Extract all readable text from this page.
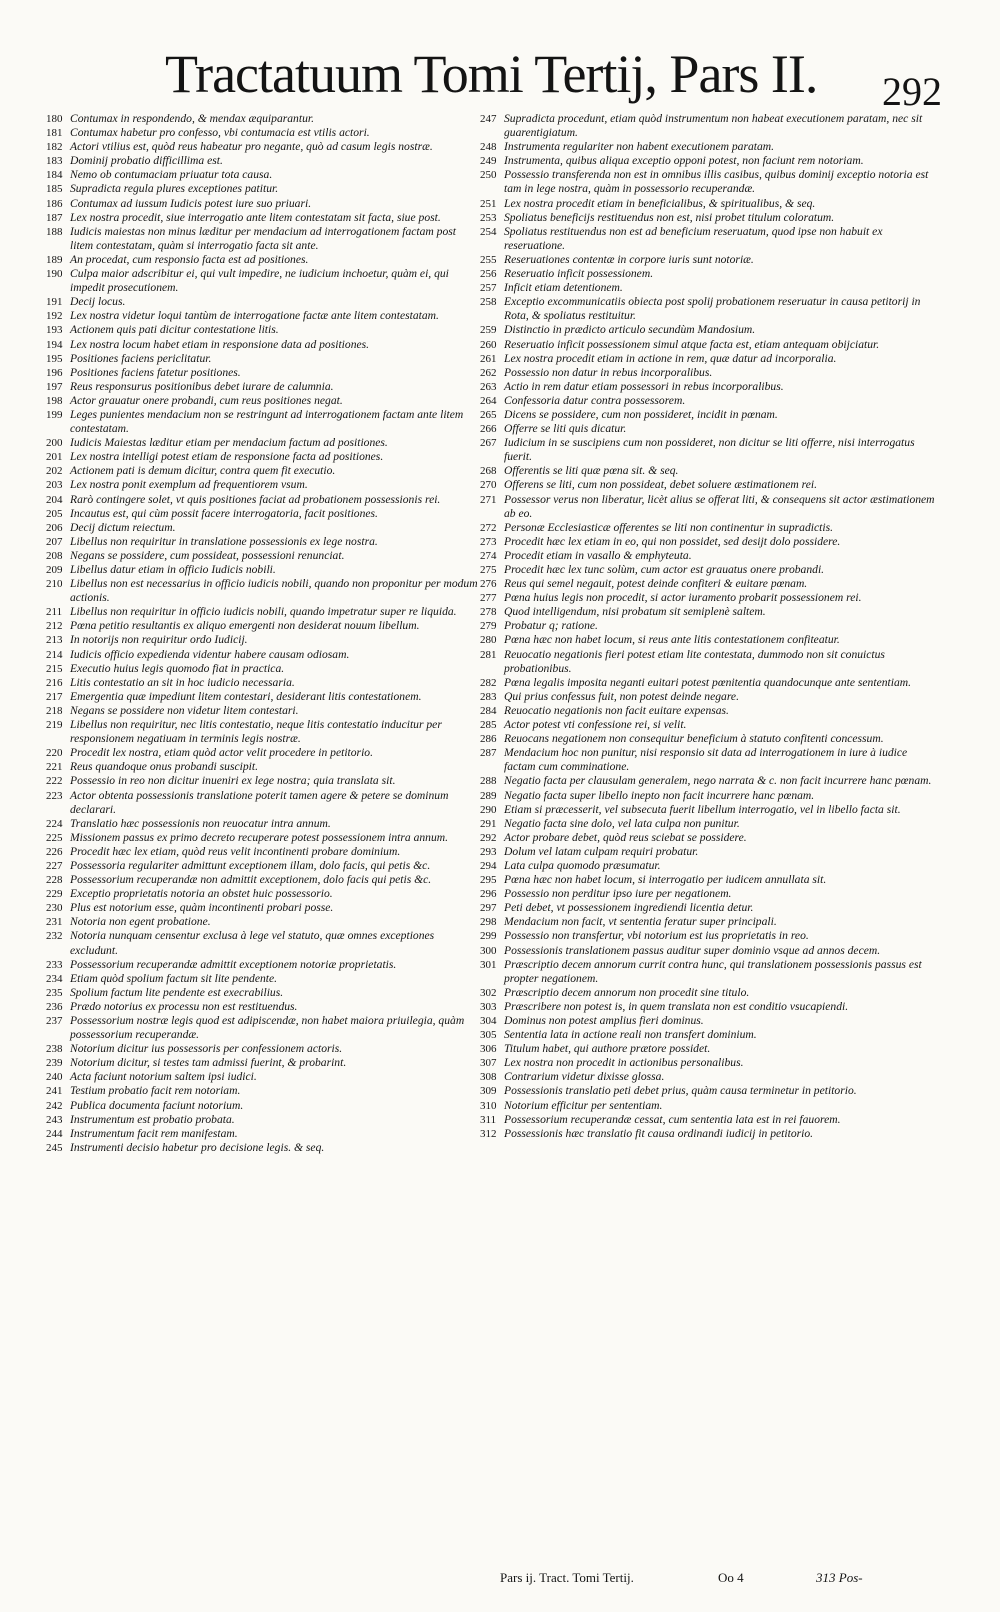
Tractatuum Tomi Tertij, Pars II. 292

180 Contumax in respondendo, & mendax æquiparantur.

181 Contumax habetur pro confesso, vbi contumacia est vtilis actori.

182 Actori vtilius est, quòd reus habeatur pro negante, quò ad casum legis nostræ.

183 Dominij probatio difficillima est.

184 Nemo ob contumaciam priuatur tota causa.

185 Supradicta regula plures exceptiones patitur.

186 Contumax ad iussum Iudicis potest iure suo priuari.

187 Lex nostra procedit, siue interrogatio ante litem contestatam sit facta, siue post.

188 Iudicis maiestas non minus læditur per mendacium ad interrogationem factam post litem contestatam, quàm si interrogatio facta sit ante.

189 An procedat, cum responsio facta est ad positiones.

190 Culpa maior adscribitur ei, qui vult impedire, ne iudicium inchoetur, quàm ei, qui impedit prosecutionem.

191 Decij locus.

192 Lex nostra videtur loqui tantùm de interrogatione factæ ante litem contestatam.

193 Actionem quis pati dicitur contestatione litis.

194 Lex nostra locum habet etiam in responsione data ad positiones.

195 Positiones faciens periclitatur.

196 Positiones faciens fatetur positiones.

197 Reus responsurus positionibus debet iurare de calumnia.

198 Actor grauatur onere probandi, cum reus positiones negat.

199 Leges punientes mendacium non se restringunt ad interrogationem factam ante litem contestatam.

200 Iudicis Maiestas læditur etiam per mendacium factum ad positiones.

201 Lex nostra intelligi potest etiam de responsione facta ad positiones.

202 Actionem pati is demum dicitur, contra quem fit executio.

203 Lex nostra ponit exemplum ad frequentiorem vsum.

204 Rarò contingere solet, vt quis positiones faciat ad probationem possessionis rei.

205 Incautus est, qui cùm possit facere interrogatoria, facit positiones.

206 Decij dictum reiectum.

207 Libellus non requiritur in translatione possessionis ex lege nostra.

208 Negans se possidere, cum possideat, possessioni renunciat.

209 Libellus datur etiam in officio Iudicis nobili.

210 Libellus non est necessarius in officio iudicis nobili, quando non proponitur per modum actionis.

211 Libellus non requiritur in officio iudicis nobili, quando impetratur super re liquida.

212 Pœna petitio resultantis ex aliquo emergenti non desiderat nouum libellum.

213 In notorijs non requiritur ordo Iudicij.

214 Iudicis officio expedienda videntur habere causam odiosam.

215 Executio huius legis quomodo fiat in practica.

216 Litis contestatio an sit in hoc iudicio necessaria.

217 Emergentia quæ impediunt litem contestari, desiderant litis contestationem.

218 Negans se possidere non videtur litem contestari.

219 Libellus non requiritur, nec litis contestatio, neque litis contestatio inducitur per responsionem negatiuam in terminis legis nostræ.

220 Procedit lex nostra, etiam quòd actor velit procedere in petitorio.

221 Reus quandoque onus probandi suscipit.

222 Possessio in reo non dicitur inueniri ex lege nostra; quia translata sit.

223 Actor obtenta possessionis translatione poterit tamen agere & petere se dominum declarari.

224 Translatio hæc possessionis non reuocatur intra annum.

225 Missionem passus ex primo decreto recuperare potest possessionem intra annum.

226 Procedit hæc lex etiam, quòd reus velit incontinenti probare dominium.

227 Possessoria regulariter admittunt exceptionem illam, dolo facis, qui petis &c.

228 Possessorium recuperandæ non admittit exceptionem, dolo facis qui petis &c.

229 Exceptio proprietatis notoria an obstet huic possessorio.

230 Plus est notorium esse, quàm incontinenti probari posse.

231 Notoria non egent probatione.

232 Notoria nunquam censentur exclusa à lege vel statuto, quæ omnes exceptiones excludunt.

233 Possessorium recuperandæ admittit exceptionem notoriæ proprietatis.

234 Etiam quòd spolium factum sit lite pendente.

235 Spolium factum lite pendente est execrabilius.

236 Prædo notorius ex processu non est restituendus.

237 Possessorium nostræ legis quod est adipiscendæ, non habet maiora priuilegia, quàm possessorium recuperandæ.

238 Notorium dicitur ius possessoris per confessionem actoris.

239 Notorium dicitur, si testes tam admissi fuerint, & probarint.

240 Acta faciunt notorium saltem ipsi iudici.

241 Testium probatio facit rem notoriam.

242 Publica documenta faciunt notorium.

243 Instrumentum est probatio probata.

244 Instrumentum facit rem manifestam.

245 Instrumenti decisio habetur pro decisione legis. & seq.

247 Supradicta procedunt, etiam quòd instrumentum non habeat executionem paratam, nec sit guarentigiatum.

248 Instrumenta regulariter non habent executionem paratam.

249 Instrumenta, quibus aliqua exceptio opponi potest, non faciunt rem notoriam.

250 Possessio transferenda non est in omnibus illis casibus, quibus dominij exceptio notoria est tam in lege nostra, quàm in possessorio recuperandæ.

251 Lex nostra procedit etiam in beneficialibus, & spiritualibus, & seq.

253 Spoliatus beneficijs restituendus non est, nisi probet titulum coloratum.

254 Spoliatus restituendus non est ad beneficium reseruatum, quod ipse non habuit ex reseruatione.

255 Reseruationes contentæ in corpore iuris sunt notoriæ.

256 Reseruatio inficit possessionem.

257 Inficit etiam detentionem.

258 Exceptio excommunicatiis obiecta post spolij probationem reseruatur in causa petitorij in Rota, & spoliatus restituitur.

259 Distinctio in prædicto articulo secundùm Mandosium.

260 Reseruatio inficit possessionem simul atque facta est, etiam antequam obijciatur.

261 Lex nostra procedit etiam in actione in rem, quæ datur ad incorporalia.

262 Possessio non datur in rebus incorporalibus.

263 Actio in rem datur etiam possessori in rebus incorporalibus.

264 Confessoria datur contra possessorem.

265 Dicens se possidere, cum non possideret, incidit in pœnam.

266 Offerre se liti quis dicatur.

267 Iudicium in se suscipiens cum non possideret, non dicitur se liti offerre, nisi interrogatus fuerit.

268 Offerentis se liti quæ pœna sit. & seq.

270 Offerens se liti, cum non possideat, debet soluere æstimationem rei.

271 Possessor verus non liberatur, licèt alius se offerat liti, & consequens sit actor æstimationem ab eo.

272 Personæ Ecclesiasticæ offerentes se liti non continentur in supradictis.

273 Procedit hæc lex etiam in eo, qui non possidet, sed desijt dolo possidere.

274 Procedit etiam in vasallo & emphyteuta.

275 Procedit hæc lex tunc solùm, cum actor est grauatus onere probandi.

276 Reus qui semel negauit, potest deinde confiteri & euitare pœnam.

277 Pœna huius legis non procedit, si actor iuramento probarit possessionem rei.

278 Quod intelligendum, nisi probatum sit semiplenè saltem.

279 Probatur q; ratione.

280 Pœna hæc non habet locum, si reus ante litis contestationem confiteatur.

281 Reuocatio negationis fieri potest etiam lite contestata, dummodo non sit conuictus probationibus.

282 Pœna legalis imposita neganti euitari potest pœnitentia quandocunque ante sententiam.

283 Qui prius confessus fuit, non potest deinde negare.

284 Reuocatio negationis non facit euitare expensas.

285 Actor potest vti confessione rei, si velit.

286 Reuocans negationem non consequitur beneficium à statuto confitenti concessum.

287 Mendacium hoc non punitur, nisi responsio sit data ad interrogationem in iure à iudice factam cum comminatione.

288 Negatio facta per clausulam generalem, nego narrata & c. non facit incurrere hanc pœnam.

289 Negatio facta super libello inepto non facit incurrere hanc pœnam.

290 Etiam si præcesserit, vel subsecuta fuerit libellum interrogatio, vel in libello facta sit.

291 Negatio facta sine dolo, vel lata culpa non punitur.

292 Actor probare debet, quòd reus sciebat se possidere.

293 Dolum vel latam culpam requiri probatur.

294 Lata culpa quomodo præsumatur.

295 Pœna hæc non habet locum, si interrogatio per iudicem annullata sit.

296 Possessio non perditur ipso iure per negationem.

297 Peti debet, vt possessionem ingrediendi licentia detur.

298 Mendacium non facit, vt sententia feratur super principali.

299 Possessio non transfertur, vbi notorium est ius proprietatis in reo.

300 Possessionis translationem passus auditur super dominio vsque ad annos decem.

301 Præscriptio decem annorum currit contra hunc, qui translationem possessionis passus est propter negationem.

302 Præscriptio decem annorum non procedit sine titulo.

303 Præscribere non potest is, in quem translata non est conditio vsucapiendi.

304 Dominus non potest amplius fieri dominus.

305 Sententia lata in actione reali non transfert dominium.

306 Titulum habet, qui authore prætore possidet.

307 Lex nostra non procedit in actionibus personalibus.

308 Contrarium videtur dixisse glossa.

309 Possessionis translatio peti debet prius, quàm causa terminetur in petitorio.

310 Notorium efficitur per sententiam.

311 Possessorium recuperandæ cessat, cum sententia lata est in rei fauorem.

312 Possessionis hæc translatio fit causa ordinandi iudicij in petitorio.

Pars ij. Tract. Tomi Tertij.	Oo 4	313 Pos-
